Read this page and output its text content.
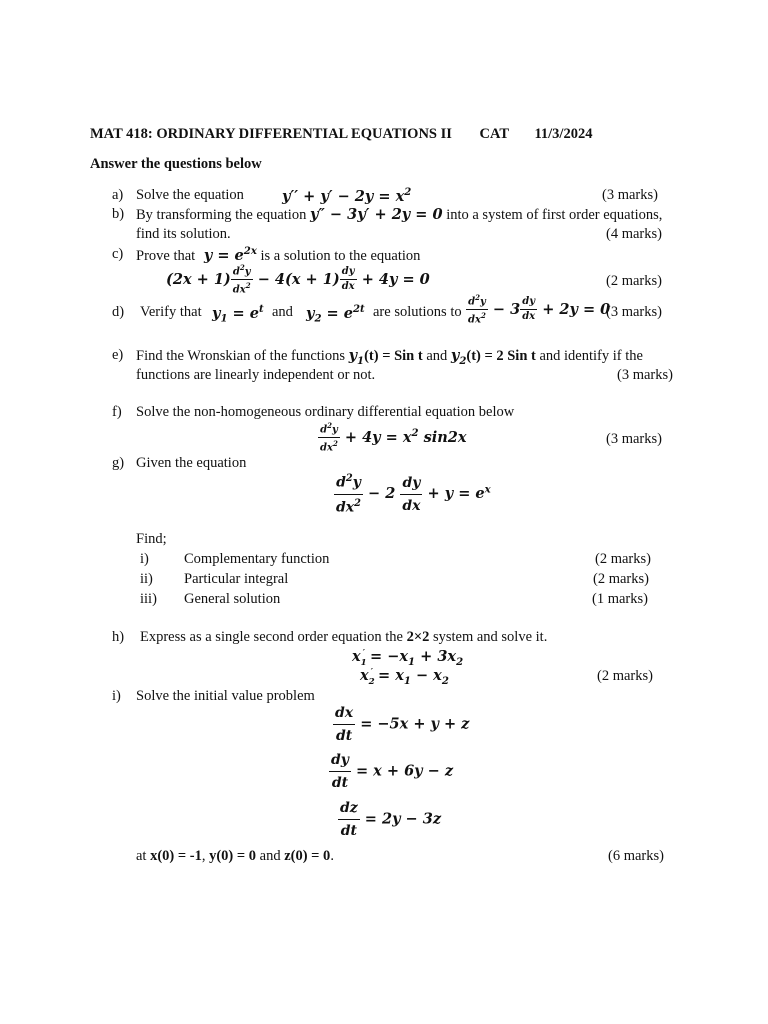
MAT 418: ORDINARY DIFFERENTIAL EQUATIONS II CAT 11/3/2024
Answer the questions below
a) Solve the equation	$y'' + y' - 2y = x^2$	(3 marks)
b) By transforming the equation y″ − 3y′ + 2y = 0 into a system of first order equations,
find its solution.	(4 marks)
c) Prove that  $y = e^{2x}$ is a solution to the equation
$(2x + 1) \frac{d^2y}{dx^2} - 4(x + 1) \frac{dy}{dx} + 4y = 0$	(2 marks)
d) Verify that $y_1 = e^t$ and $y_2 = e^{2t}$ are solutions to $\frac{d^2y}{dx^2} - 3 \frac{dy}{dx} + 2y = 0$
(3 marks)
e) Find the Wronskian of the functions $y_1(t)$ = Sin t and $y_2(t) = 2$ Sin t and identify if the
functions are linearly independent or not.	(3 marks)
f) Solve the non-homogeneous ordinary differential equation below
$\frac{d^2y}{dx^2} + 4y = x^2$ sin2x	(3 marks)
g) Given the equation
$\frac{d^2y}{dx^2} - 2 \frac{dy}{dx} + y = e^x$
Find;
i) Complementary function	(2 marks)
ii) Particular integral	(2 marks)
iii) General solution	(1 marks)
h) Express as a single second order equation the 2×2 system and solve it.
$x_1' = -x_1 + 3x_2$
$x_2' = x_1 - x_2$	(2 marks)
i) Solve the initial value problem
$\frac{dx}{dt} = -5x + y + z$
$\frac{dy}{dt} = x + 6y - z$
$\frac{dz}{dt} = 2y - 3z$
at x(0) = -1, y(0) = 0 and z(0) = 0.	(6 marks)
